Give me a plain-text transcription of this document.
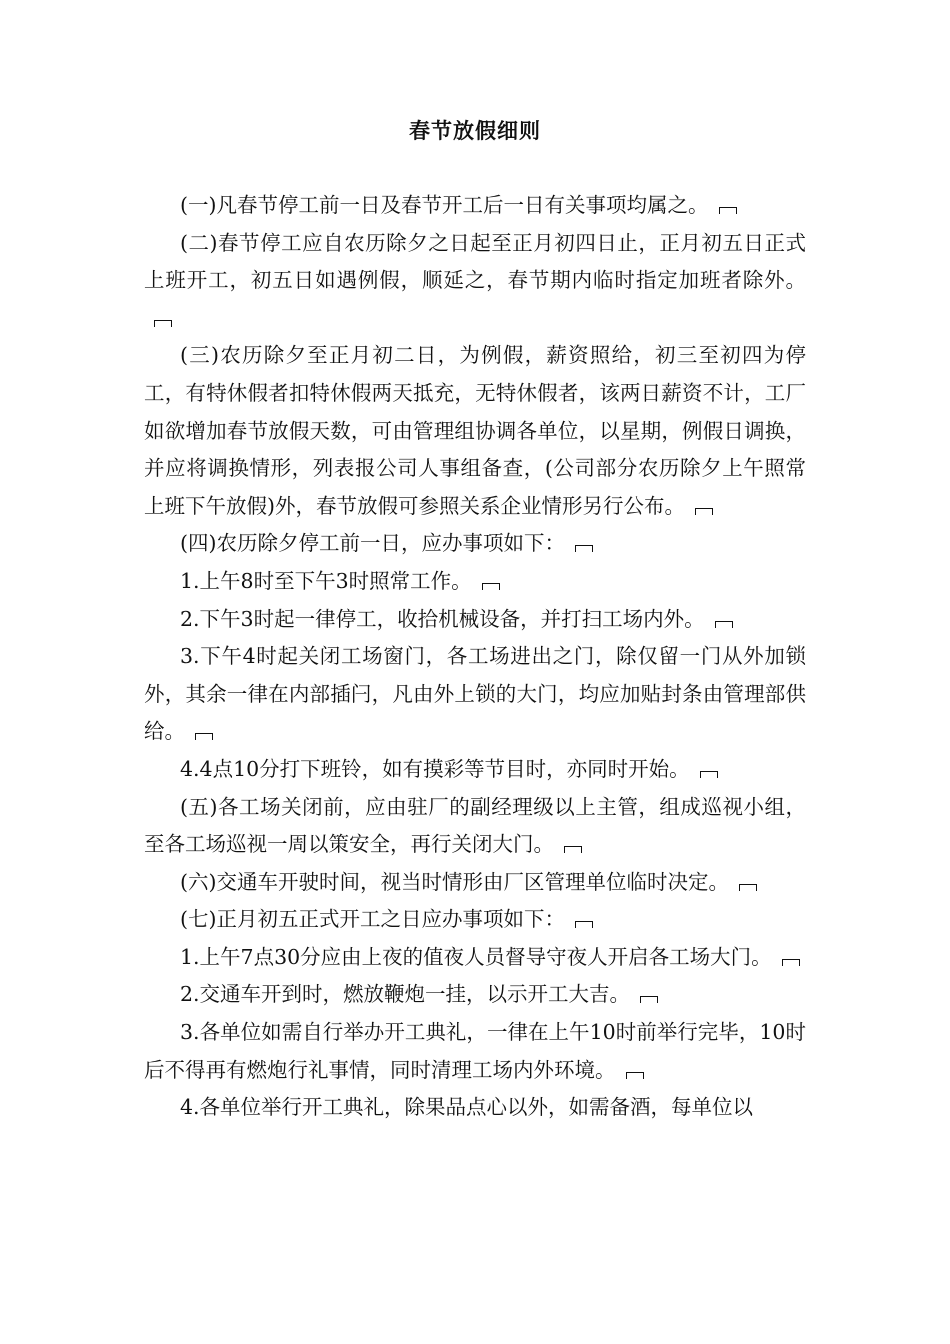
春节放假细则

(一)凡春节停工前一日及春节开工后一日有关事项均属之。

(二)春节停工应自农历除夕之日起至正月初四日止，正月初五日正式上班开工，初五日如遇例假，顺延之，春节期内临时指定加班者除外。

(三)农历除夕至正月初二日，为例假，薪资照给，初三至初四为停工，有特休假者扣特休假两天抵充，无特休假者，该两日薪资不计，工厂如欲增加春节放假天数，可由管理组协调各单位，以星期，例假日调换，并应将调换情形，列表报公司人事组备查，(公司部分农历除夕上午照常上班下午放假)外，春节放假可参照关系企业情形另行公布。

(四)农历除夕停工前一日，应办事项如下：

1.上午8时至下午3时照常工作。

2.下午3时起一律停工，收拾机械设备，并打扫工场内外。

3.下午4时起关闭工场窗门，各工场进出之门，除仅留一门从外加锁外，其余一律在内部插闩，凡由外上锁的大门，均应加贴封条由管理部供给。

4.4点10分打下班铃，如有摸彩等节目时，亦同时开始。

(五)各工场关闭前，应由驻厂的副经理级以上主管，组成巡视小组，至各工场巡视一周以策安全，再行关闭大门。

(六)交通车开驶时间，视当时情形由厂区管理单位临时决定。

(七)正月初五正式开工之日应办事项如下：

1.上午7点30分应由上夜的值夜人员督导守夜人开启各工场大门。

2.交通车开到时，燃放鞭炮一挂，以示开工大吉。

3.各单位如需自行举办开工典礼，一律在上午10时前举行完毕，10时后不得再有燃炮行礼事情，同时清理工场内外环境。

4.各单位举行开工典礼，除果品点心以外，如需备酒，每单位以
